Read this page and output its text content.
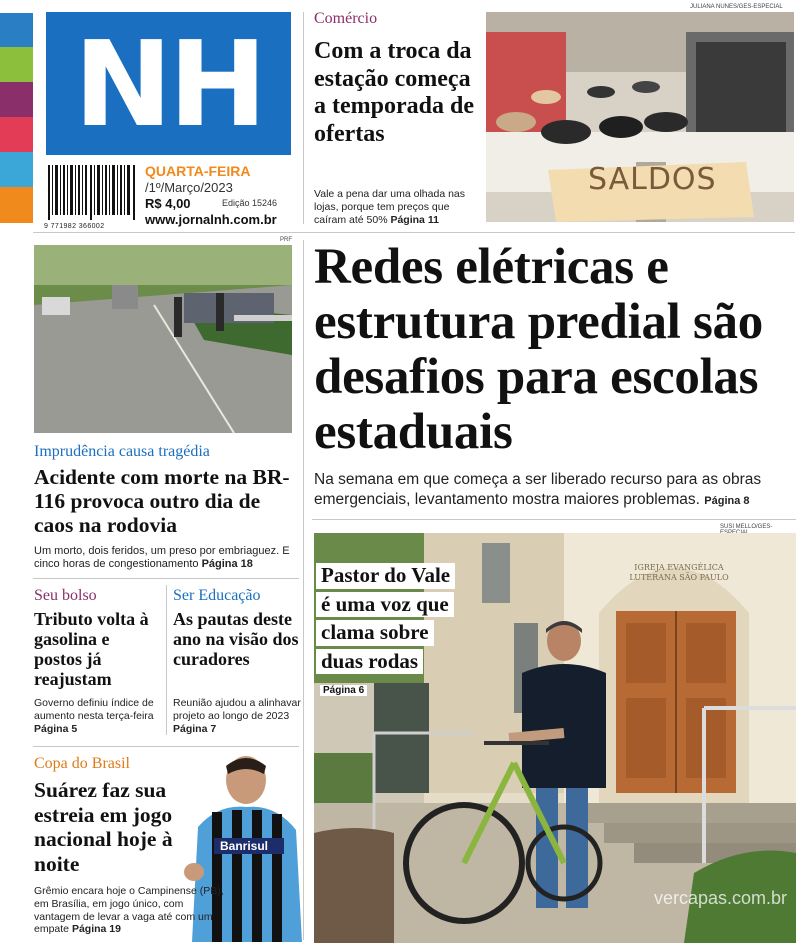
NH
9 771982 366002
QUARTA-FEIRA
/1º/Março/2023
R$ 4,00	Edição 15246
www.jornalnh.com.br
Comércio
Com a troca da estação começa a temporada de ofertas
Vale a pena dar uma olhada nas lojas, porque tem preços que caíram até 50% Página 11
JULIANA NUNES/GES-ESPECIAL
SALDOS
PRF
Imprudência causa tragédia
Acidente com morte na BR-116 provoca outro dia de caos na rodovia
Um morto, dois feridos, um preso por embriaguez. E cinco horas de congestionamento Página 18
Seu bolso
Tributo volta à gasolina e postos já reajustam
Governo definiu índice de aumento nesta terça-feira Página 5
Ser Educação
As pautas deste ano na visão dos curadores
Reunião ajudou a alinhavar projeto ao longo de 2023 Página 7
Banrisul
Copa do Brasil
Suárez faz sua estreia em jogo nacional hoje à noite
Grêmio encara hoje o Campinense (PB), em Brasília, em jogo único, com vantagem de levar a vaga até com um empate Página 19
Redes elétricas e estrutura predial são desafios para escolas estaduais
Na semana em que começa a ser liberado recurso para as obras emergenciais, levantamento mostra maiores problemas. Página 8
SUSI MELLO/GES-
IGREJA EVANGÉLICA LUTERANA SÃO PAULO
Pastor do Vale
é uma voz que
clama sobre
duas rodas
Página 6
vercapas.com.br
